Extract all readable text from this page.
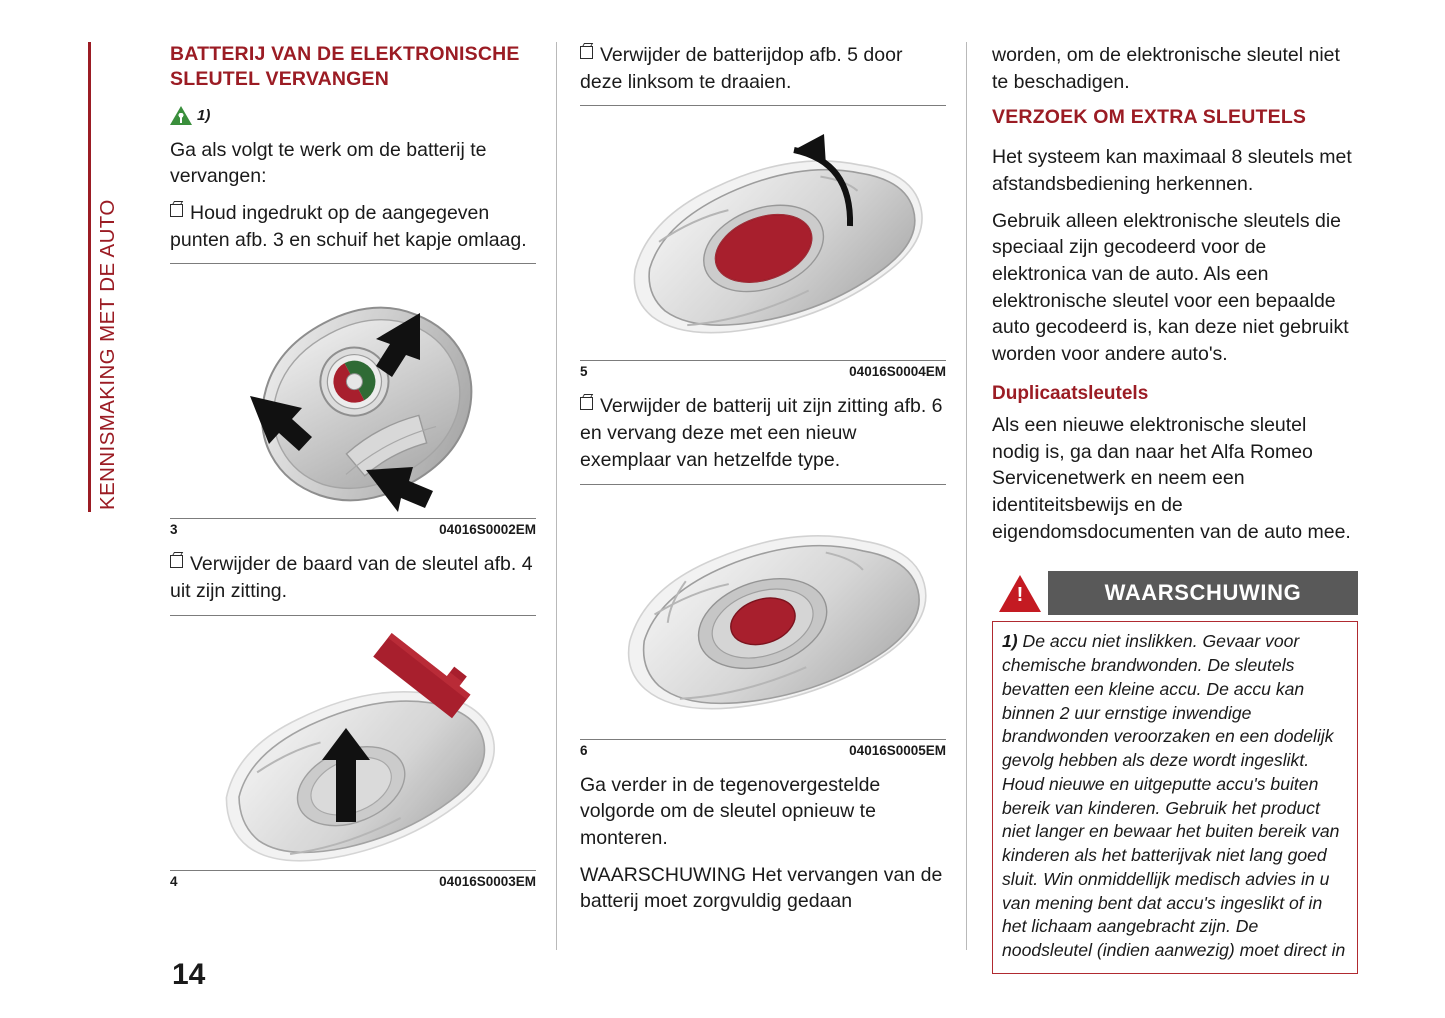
KENNISMAKING MET DE AUTO
BATTERIJ VAN DE ELEKTRONISCHE SLEUTEL VERVANGEN
1)

Ga als volgt te werk om de batterij te vervangen:

Houd ingedrukt op de aangegeven punten afb. 3 en schuif het kapje omlaag.

3	04016S0002EM

Verwijder de baard van de sleutel afb. 4 uit zijn zitting.

4	04016S0003EM

Verwijder de batterijdop afb. 5 door deze linksom te draaien.

5	04016S0004EM

Verwijder de batterij uit zijn zitting afb. 6 en vervang deze met een nieuw exemplaar van hetzelfde type.

6	04016S0005EM

Ga verder in de tegenovergestelde volgorde om de sleutel opnieuw te monteren.

WAARSCHUWING Het vervangen van de batterij moet zorgvuldig gedaan

worden, om de elektronische sleutel niet te beschadigen.

VERZOEK OM EXTRA SLEUTELS

Het systeem kan maximaal 8 sleutels met afstandsbediening herkennen.

Gebruik alleen elektronische sleutels die speciaal zijn gecodeerd voor de elektronica van de auto. Als een elektronische sleutel voor een bepaalde auto gecodeerd is, kan deze niet gebruikt worden voor andere auto's.

Duplicaatsleutels

Als een nieuwe elektronische sleutel nodig is, ga dan naar het Alfa Romeo Servicenetwerk en neem een identiteitsbewijs en de eigendomsdocumenten van de auto mee.

!
WAARSCHUWING

1) De accu niet inslikken. Gevaar voor chemische brandwonden. De sleutels bevatten een kleine accu. De accu kan binnen 2 uur ernstige inwendige brandwonden veroorzaken en een dodelijk gevolg hebben als deze wordt ingeslikt. Houd nieuwe en uitgeputte accu's buiten bereik van kinderen. Gebruik het product niet langer en bewaar het buiten bereik van kinderen als het batterijvak niet lang goed sluit. Win onmiddellijk medisch advies in u van mening bent dat accu's ingeslikt of in het lichaam aangebracht zijn. De noodsleutel (indien aanwezig) moet direct in

14
